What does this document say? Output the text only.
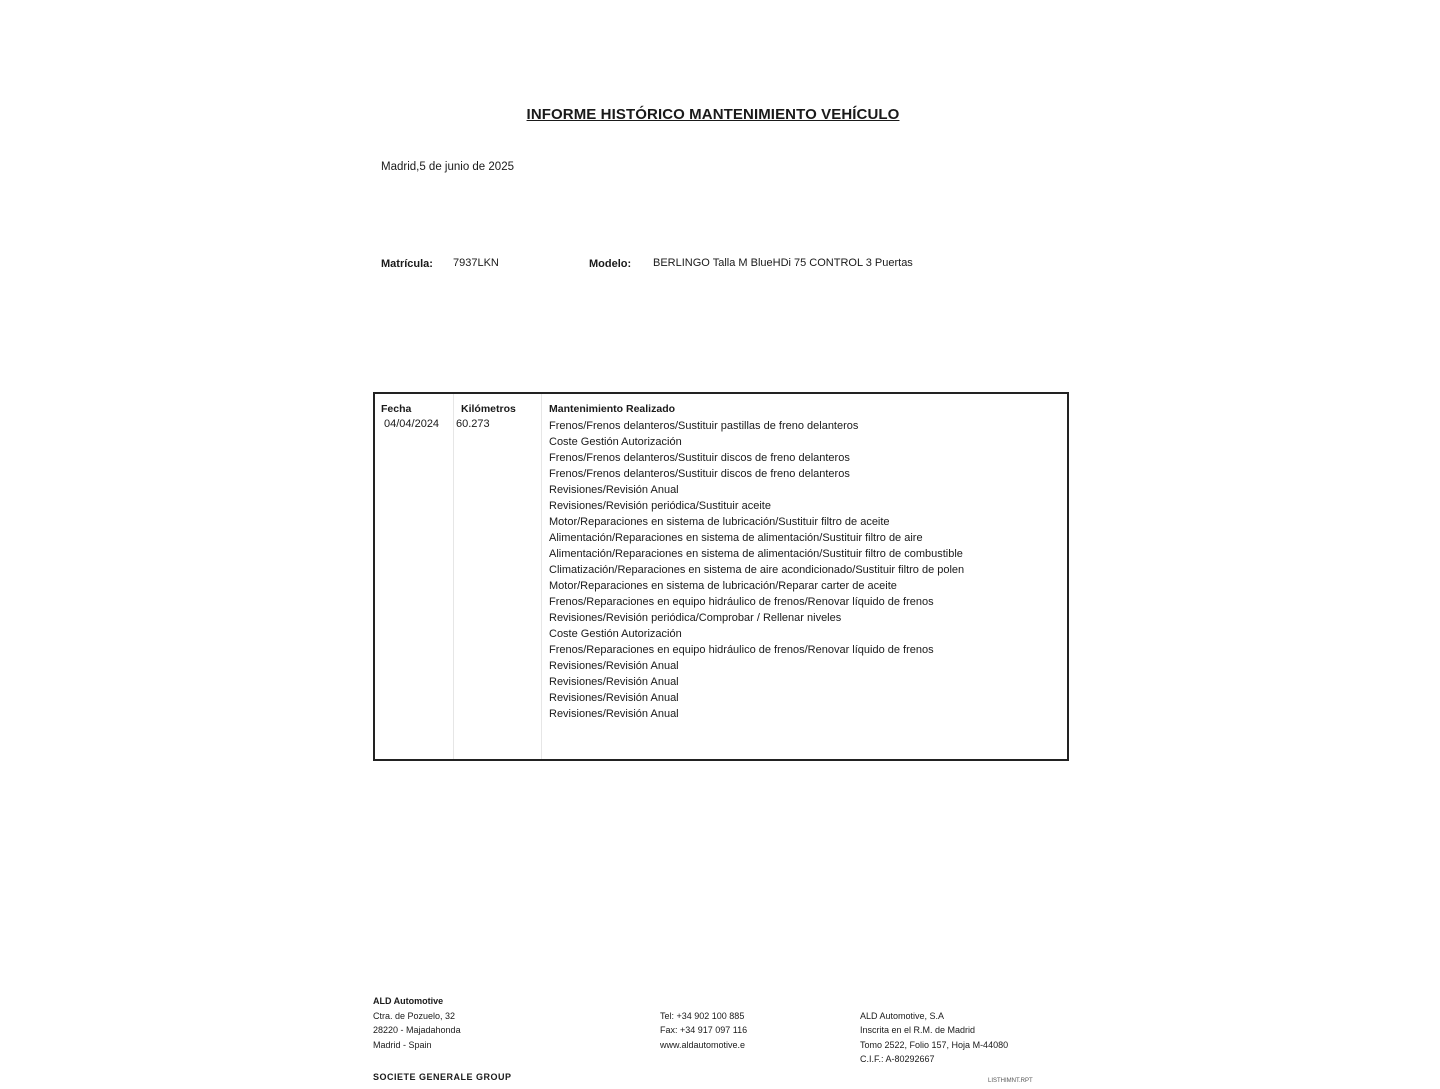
INFORME HISTÓRICO MANTENIMIENTO VEHÍCULO
Madrid,5 de junio de 2025
Matrícula: 7937LKN	Modelo: BERLINGO Talla M BlueHDi 75 CONTROL 3 Puertas
Fecha	Kilómetros	Mantenimiento Realizado
04/04/2024 60.273	Frenos/Frenos delanteros/Sustituir pastillas de freno delanteros
Coste Gestión Autorización
Frenos/Frenos delanteros/Sustituir discos de freno delanteros
Frenos/Frenos delanteros/Sustituir discos de freno delanteros
Revisiones/Revisión Anual
Revisiones/Revisión periódica/Sustituir aceite
Motor/Reparaciones en sistema de lubricación/Sustituir filtro de aceite
Alimentación/Reparaciones en sistema de alimentación/Sustituir filtro de aire
Alimentación/Reparaciones en sistema de alimentación/Sustituir filtro de combustible
Climatización/Reparaciones en sistema de aire acondicionado/Sustituir filtro de polen
Motor/Reparaciones en sistema de lubricación/Reparar carter de aceite
Frenos/Reparaciones en equipo hidráulico de frenos/Renovar líquido de frenos
Revisiones/Revisión periódica/Comprobar / Rellenar niveles
Coste Gestión Autorización
Frenos/Reparaciones en equipo hidráulico de frenos/Renovar líquido de frenos
Revisiones/Revisión Anual
Revisiones/Revisión Anual
Revisiones/Revisión Anual
Revisiones/Revisión Anual
ALD Automotive
Ctra. de Pozuelo, 32
28220 - Majadahonda
Madrid - Spain
Tel: +34 902 100 885
Fax: +34 917 097 116
www.aldautomotive.e
ALD Automotive, S.A
Inscrita en el R.M. de Madrid
Tomo 2522, Folio 157, Hoja M-44080
C.I.F.: A-80292667
SOCIETE GENERALE GROUP	LISTHIMNT.RPT
